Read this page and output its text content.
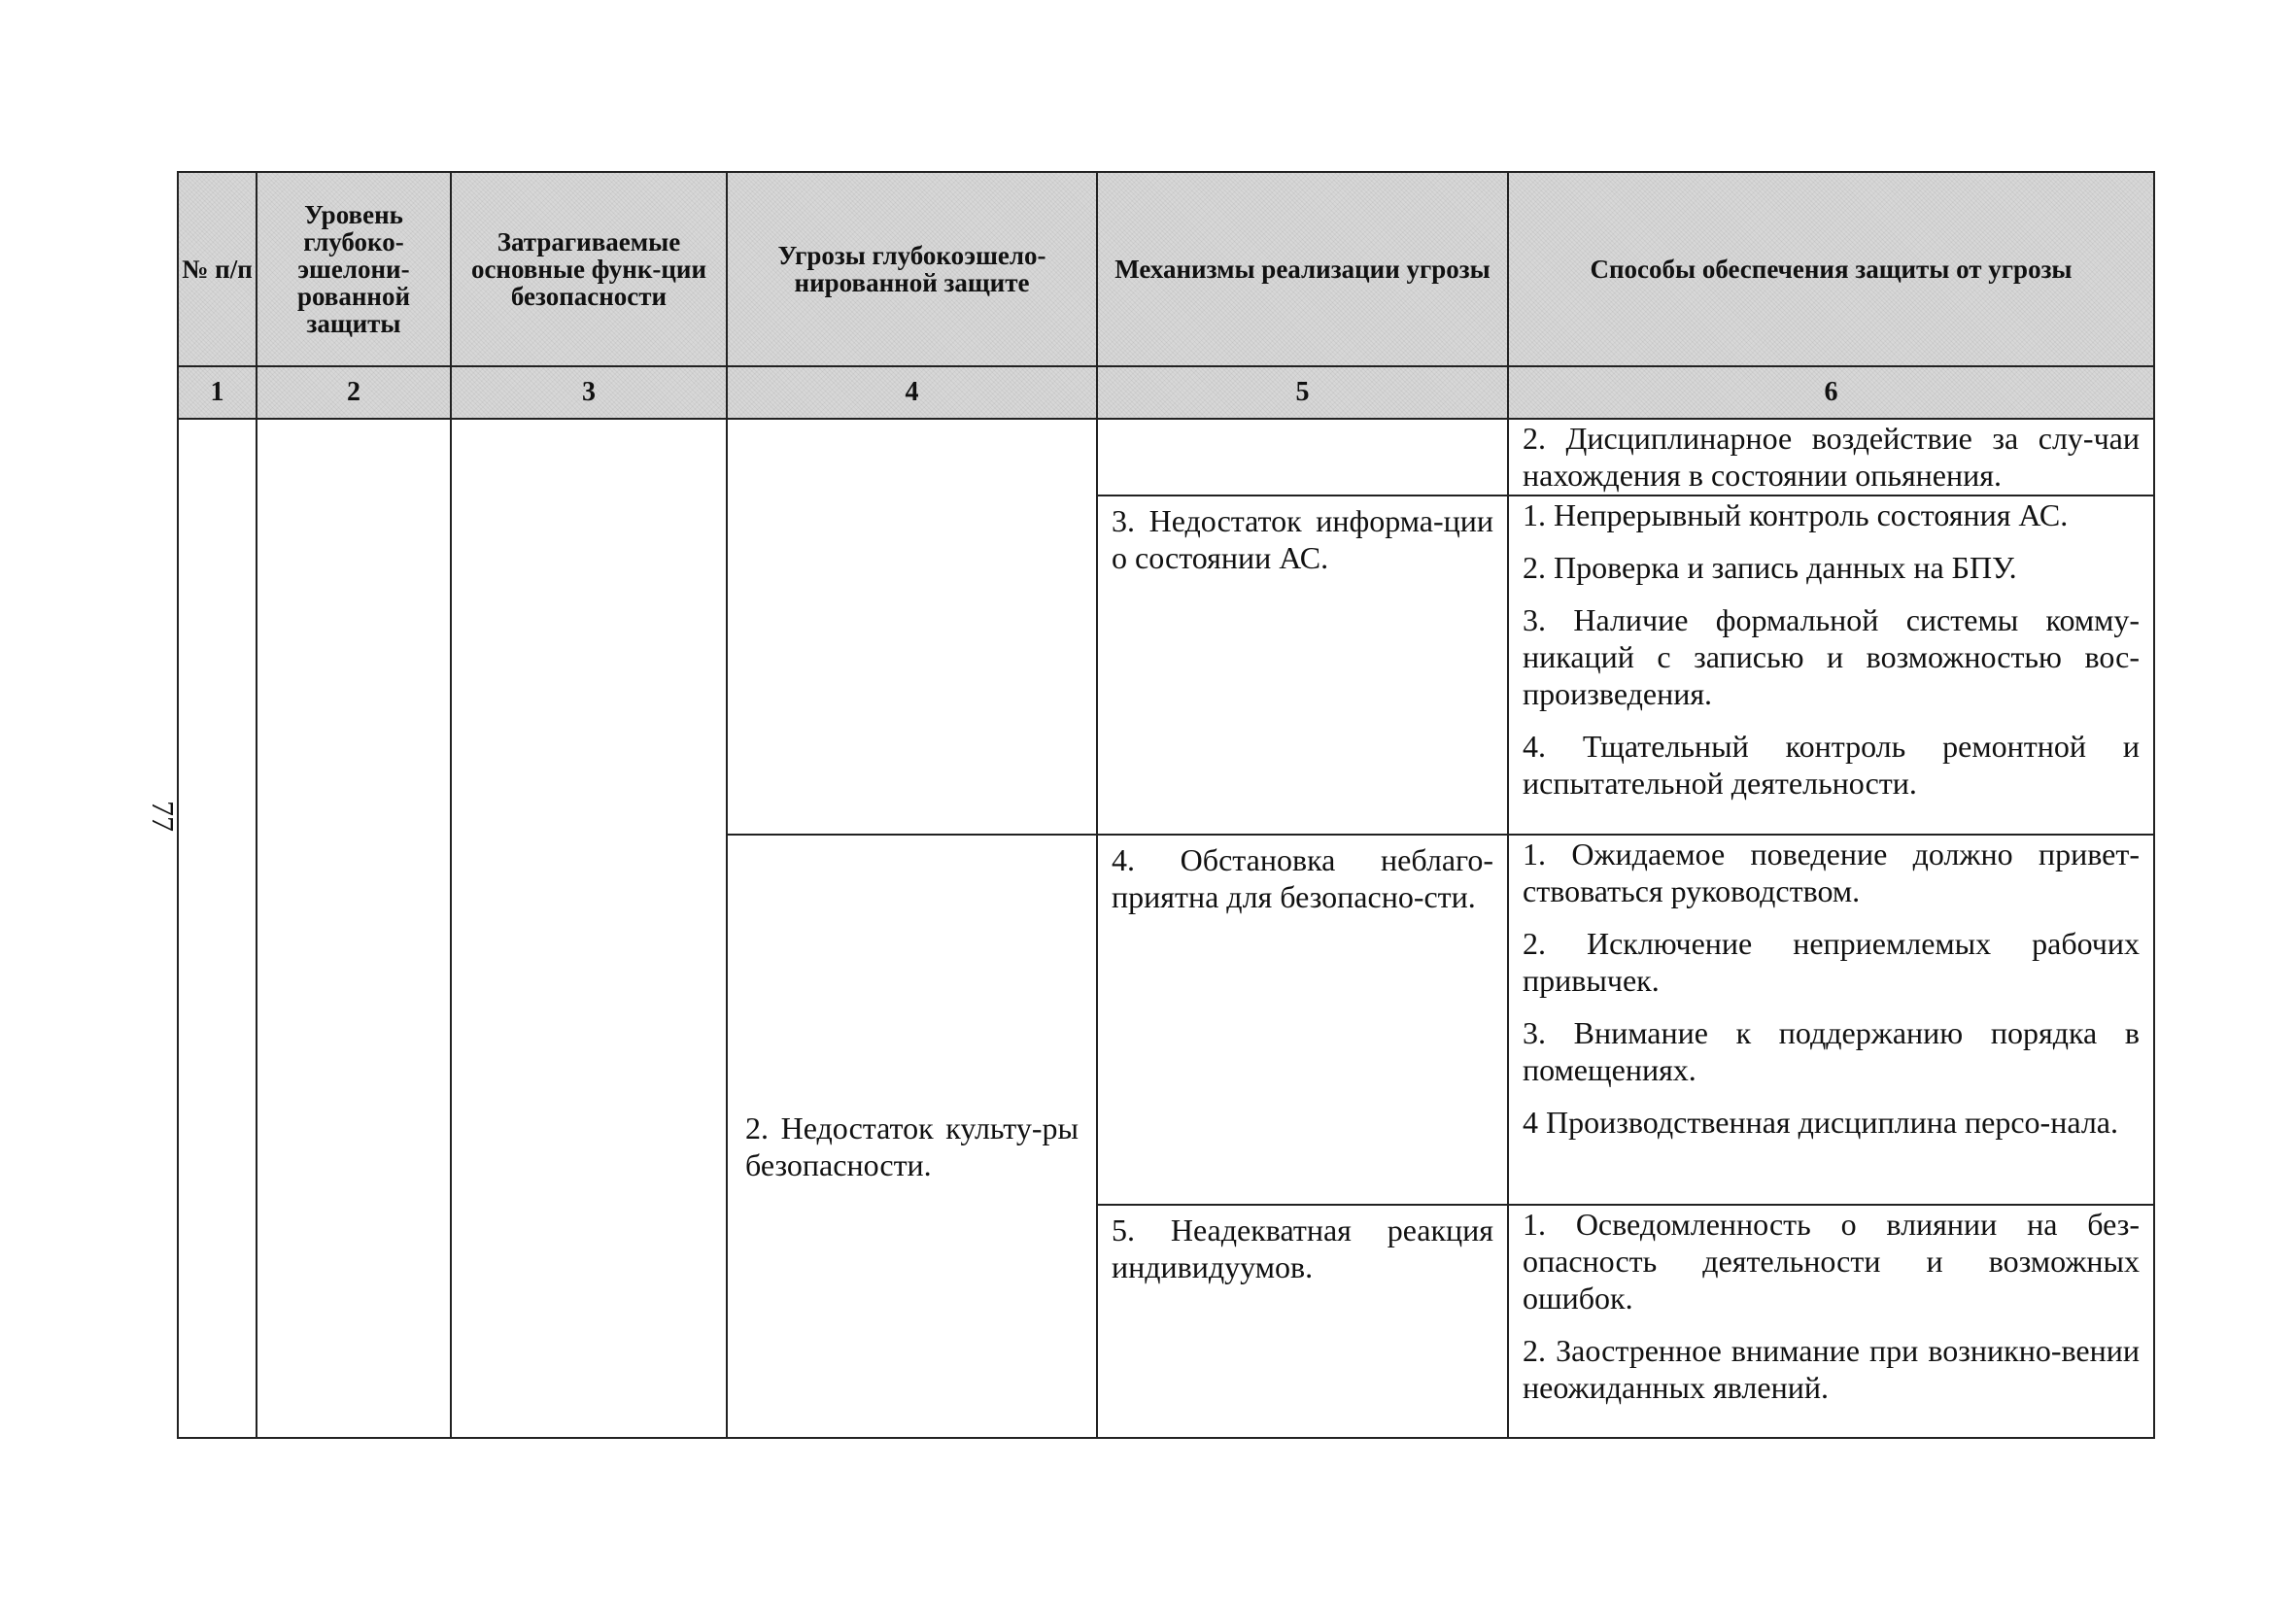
77
№ п/п	Уровень глубоко-эшелони-рованной защиты	Затрагиваемые основные функ-ции безопасности	Угрозы глубокоэшело-нированной защите	Механизмы реализации угрозы	Способы обеспечения защиты от угрозы
1	2	3	4	5	6

					2. Дисциплинарное воздействие за слу-чаи нахождения в состоянии опьянения.

				3. Недостаток информа-ции о состоянии АС.	1. Непрерывный контроль состояния АС.

2. Проверка и запись данных на БПУ.

3. Наличие формальной системы комму-никаций с записью и возможностью вос-произведения.

4. Тщательный контроль ремонтной и испытательной деятельности.

			2. Недостаток культу-ры безопасности.	4. Обстановка неблаго-приятна для безопасно-сти.	1. Ожидаемое поведение должно привет-ствоваться руководством.

2. Исключение неприемлемых рабочих привычек.

3. Внимание к поддержанию порядка в помещениях.

4 Производственная дисциплина персо-нала.

				5. Неадекватная реакция индивидуумов.	1. Осведомленность о влиянии на без-опасность деятельности и возможных ошибок.

2. Заостренное внимание при возникно-вении неожиданных явлений.
